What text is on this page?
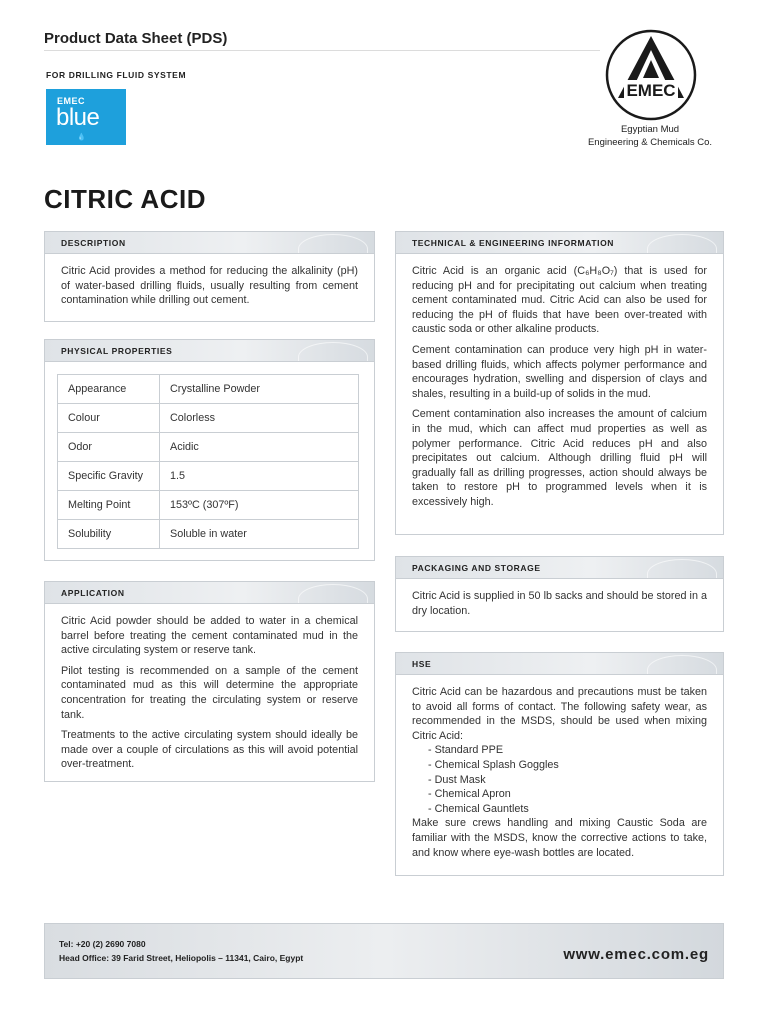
Product Data Sheet (PDS)
FOR DRILLING FLUID SYSTEM
EMEC
blue
💧
EMEC
Egyptian Mud
Engineering & Chemicals Co.
CITRIC ACID
DESCRIPTION

Citric Acid provides a method for reducing the alkalinity (pH) of water-based drilling fluids, usually resulting from cement contamination while drilling out cement.

PHYSICAL PROPERTIES
Appearance	Crystalline Powder
Colour	Colorless
Odor	Acidic
Specific Gravity	1.5
Melting Point	153ºC (307ºF)
Solubility	Soluble in water
APPLICATION

Citric Acid powder should be added to water in a chemical barrel before treating the cement contaminated mud in the active circulating system or reserve tank.

Pilot testing is recommended on a sample of the cement contaminated mud as this will determine the appropriate concentration for treating the circulating system or reserve tank.

Treatments to the active circulating system should ideally be made over a couple of circulations as this will avoid potential over-treatment.

TECHNICAL & ENGINEERING INFORMATION

Citric Acid is an organic acid (C₆H₈O₇) that is used for reducing pH and for precipitating out calcium when treating cement contaminated mud. Citric Acid can also be used for reducing the pH of fluids that have been over-treated with caustic soda or other alkaline products.

Cement contamination can produce very high pH in water-based drilling fluids, which affects polymer performance and encourages hydration, swelling and dispersion of clays and shales, resulting in a build-up of solids in the mud.

Cement contamination also increases the amount of calcium in the mud, which can affect mud properties as well as polymer performance. Citric Acid reduces pH and also precipitates out calcium. Although drilling fluid pH will gradually fall as drilling progresses, action should always be taken to restore pH to programmed levels when it is excessively high.

PACKAGING AND STORAGE

Citric Acid is supplied in 50 lb sacks and should be stored in a dry location.

HSE

Citric Acid can be hazardous and precautions must be taken to avoid all forms of contact. The following safety wear, as recommended in the MSDS, should be used when mixing Citric Acid:

- Standard PPE
- Chemical Splash Goggles
- Dust Mask
- Chemical Apron
- Chemical Gauntlets

Make sure crews handling and mixing Caustic Soda are familiar with the MSDS, know the corrective actions to take, and know where eye-wash bottles are located.

Tel: +20 (2) 2690 7080
Head Office: 39 Farid Street, Heliopolis – 11341, Cairo, Egypt	www.emec.com.eg
